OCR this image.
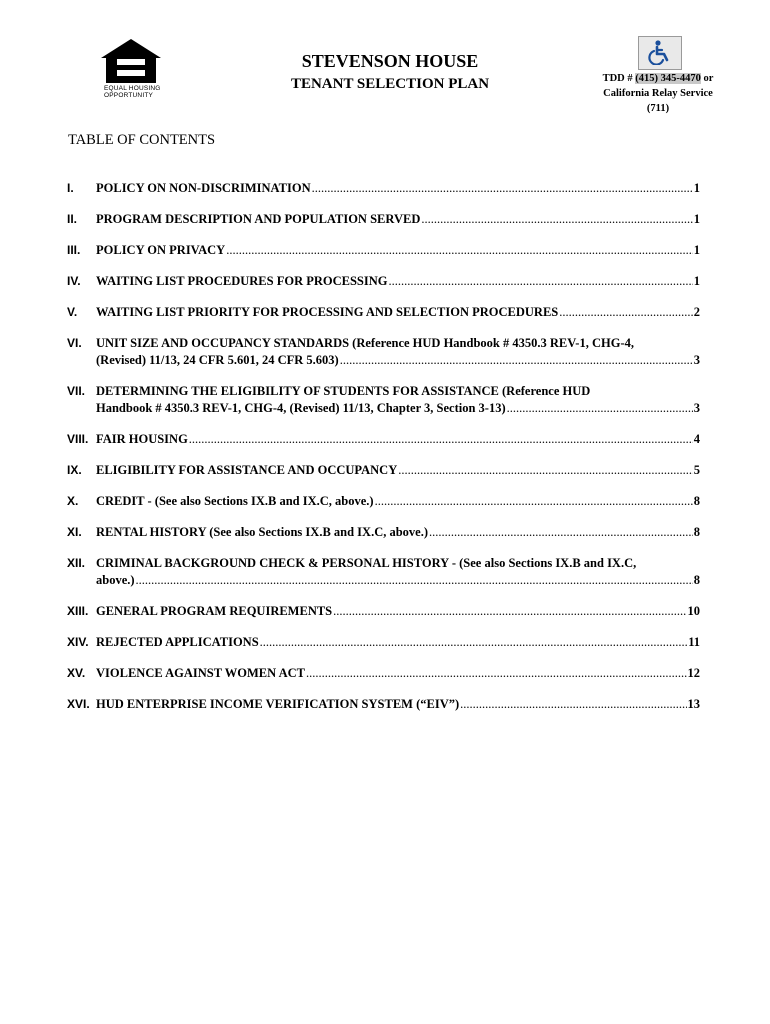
EQUAL HOUSING OPPORTUNITY
STEVENSON HOUSE
TENANT SELECTION PLAN	TDD # (415) 345-4470 or
California Relay Service
(711)
TABLE OF CONTENTS
I. POLICY ON NON-DISCRIMINATION .....	1
II. PROGRAM DESCRIPTION AND POPULATION SERVED .....	1
III. POLICY ON PRIVACY .....	1
IV. WAITING LIST PROCEDURES FOR PROCESSING .....	1
V. WAITING LIST PRIORITY FOR PROCESSING AND SELECTION PROCEDURES .....	2
VI. UNIT SIZE AND OCCUPANCY STANDARDS (Reference HUD Handbook # 4350.3 REV-1, CHG-4,
(Revised) 11/13, 24 CFR 5.601, 24 CFR 5.603) .....	3
VII. DETERMINING THE ELIGIBILITY OF STUDENTS FOR ASSISTANCE (Reference HUD
Handbook # 4350.3 REV-1, CHG-4, (Revised) 11/13, Chapter 3, Section 3-13) .....	3
VIII. FAIR HOUSING .....	4
IX. ELIGIBILITY FOR ASSISTANCE AND OCCUPANCY .....	5
X. CREDIT - (See also Sections IX.B and IX.C, above.) .....	8
XI. RENTAL HISTORY (See also Sections IX.B and IX.C, above.) .....	8
XII. CRIMINAL BACKGROUND CHECK & PERSONAL HISTORY - (See also Sections IX.B and IX.C,
above.) .....	8
XIII. GENERAL PROGRAM REQUIREMENTS .....	10
XIV. REJECTED APPLICATIONS .....	11
XV. VIOLENCE AGAINST WOMEN ACT .....	12
XVI. HUD ENTERPRISE INCOME VERIFICATION SYSTEM (“EIV”) .....	13
